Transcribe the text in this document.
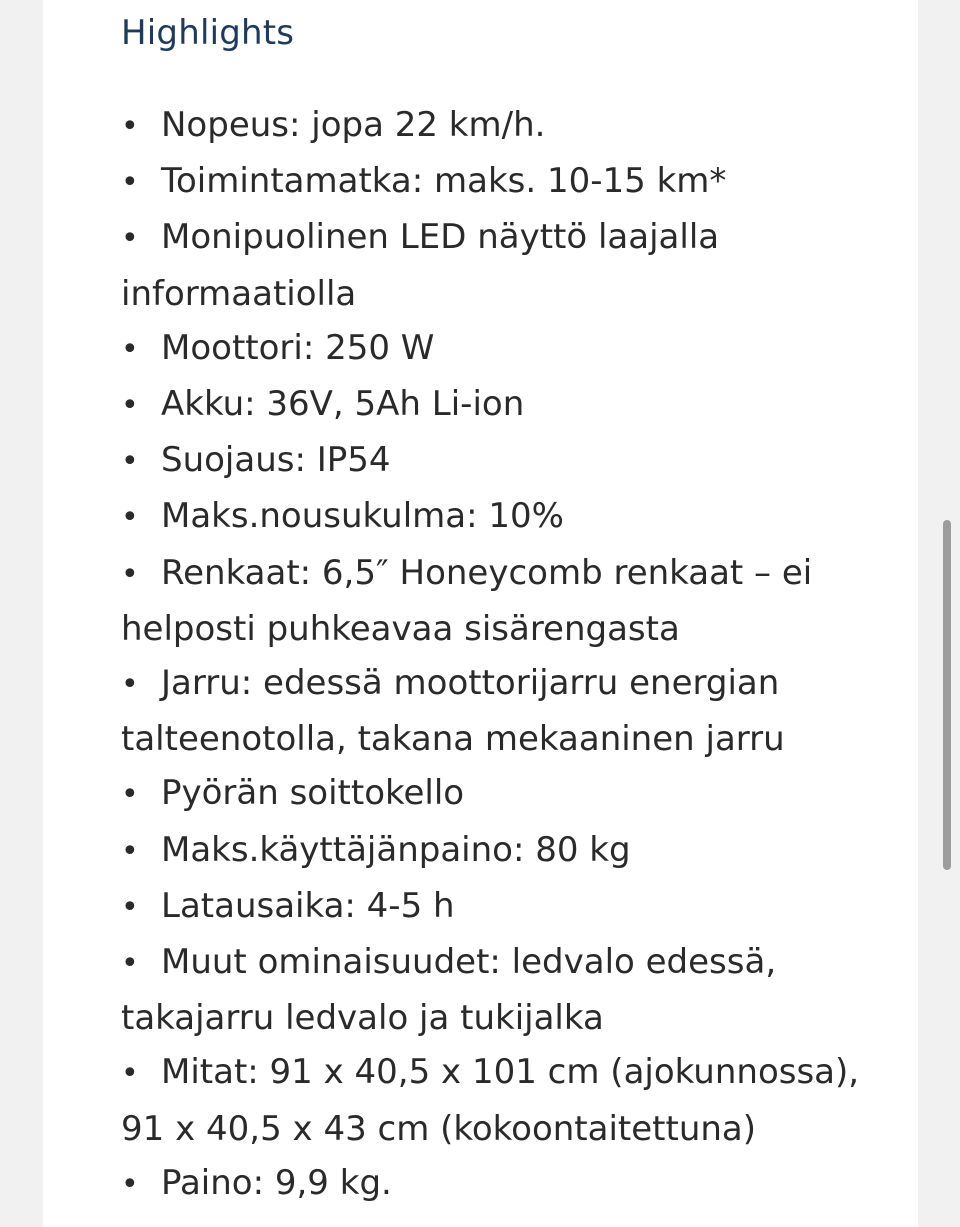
Highlights

• Nopeus: jopa 22 km/h.

• Toimintamatka: maks. 10-15 km*

• Monipuolinen LED näyttö laajalla informaatiolla

• Moottori: 250 W

• Akku: 36V, 5Ah Li-ion

• Suojaus: IP54

• Maks.nousukulma: 10%

• Renkaat: 6,5″ Honeycomb renkaat – ei helposti puhkeavaa sisärengasta

• Jarru: edessä moottorijarru energian talteenotolla, takana mekaaninen jarru

• Pyörän soittokello

• Maks.käyttäjänpaino: 80 kg

• Latausaika: 4-5 h

• Muut ominaisuudet: ledvalo edessä, takajarru ledvalo ja tukijalka

• Mitat: 91 x 40,5 x 101 cm (ajokunnossa), 91 x 40,5 x 43 cm (kokoontaitettuna)

• Paino: 9,9 kg.
